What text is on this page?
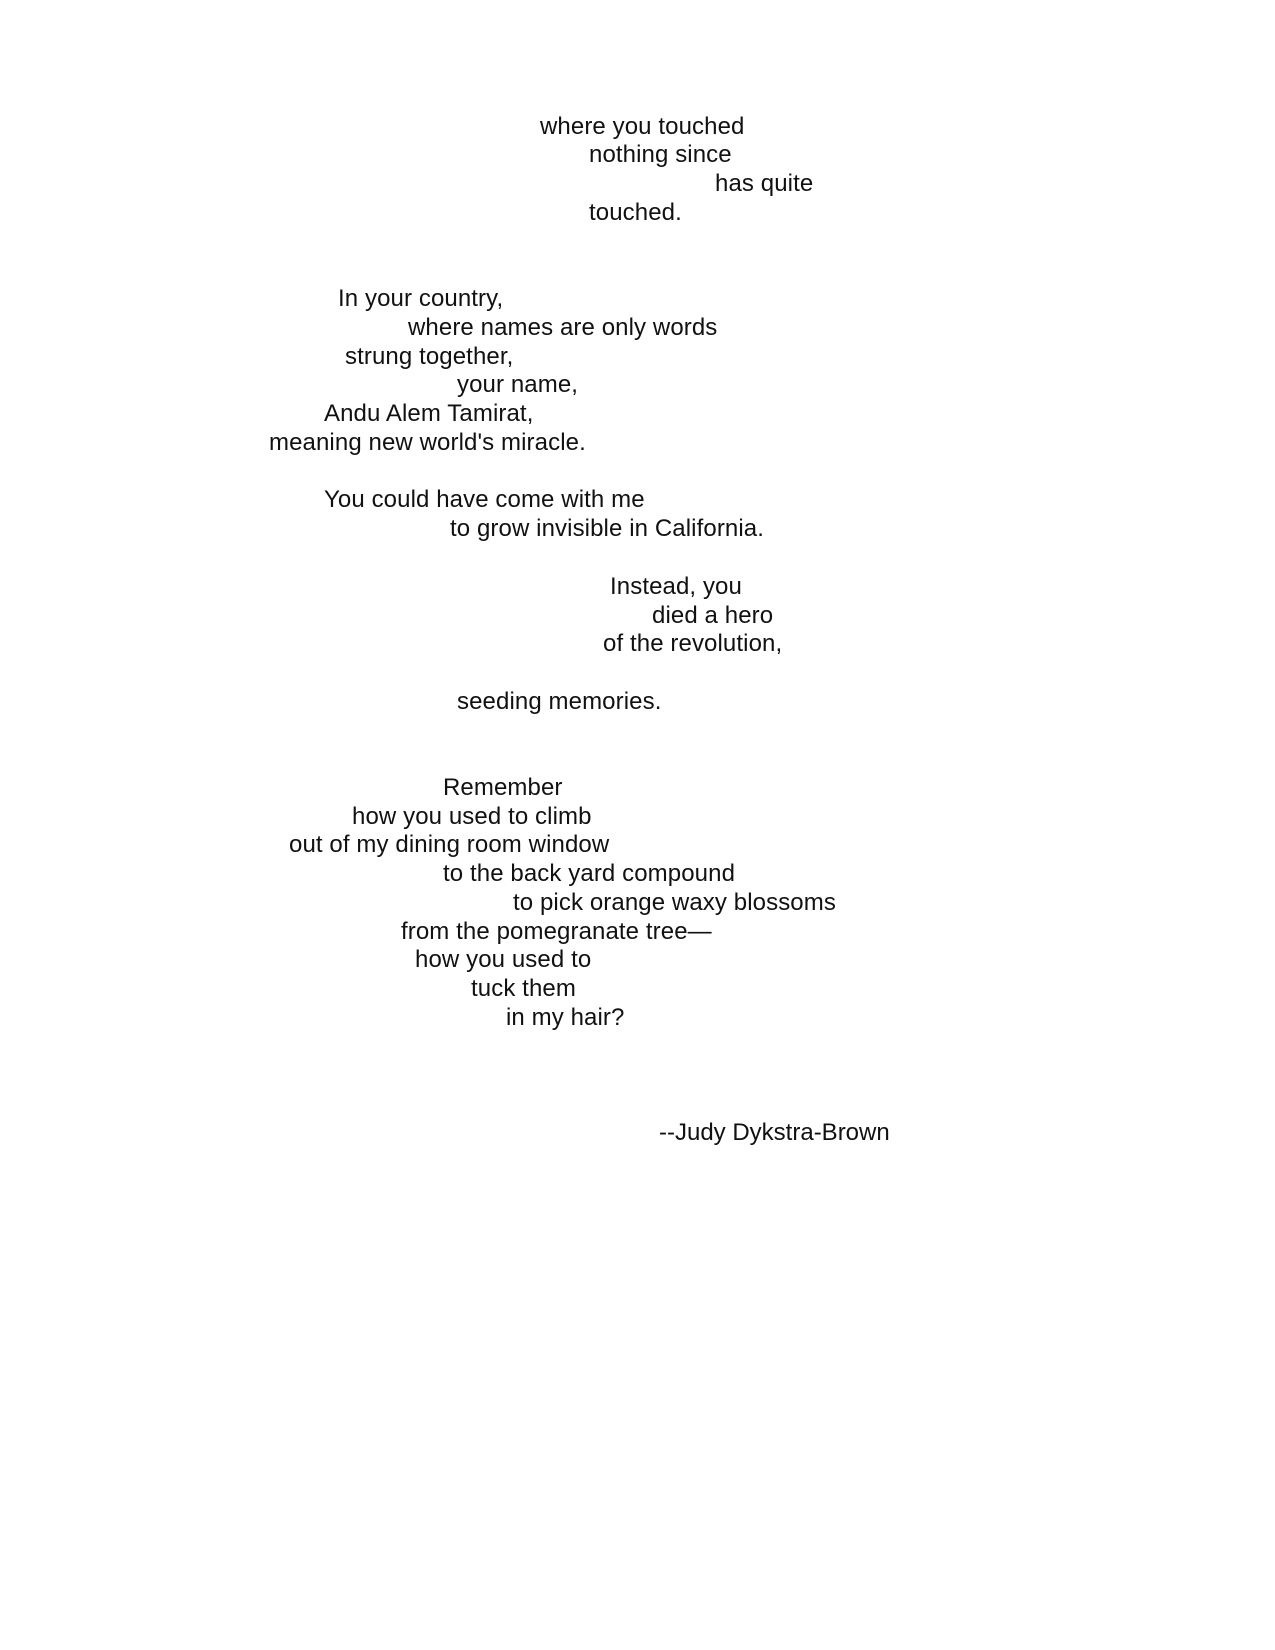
where you touched
nothing since
has quite
touched.
In your country,
where names are only words
strung together,
your name,
Andu Alem Tamirat,
meaning new world's miracle.
You could have come with me
to grow invisible in California.
Instead, you
died a hero
of the revolution,
seeding memories.
Remember
how you used to climb
out of my dining room window
to the back yard compound
to pick orange waxy blossoms
from the pomegranate tree—
how you used to
tuck them
in my hair?
--Judy Dykstra-Brown
